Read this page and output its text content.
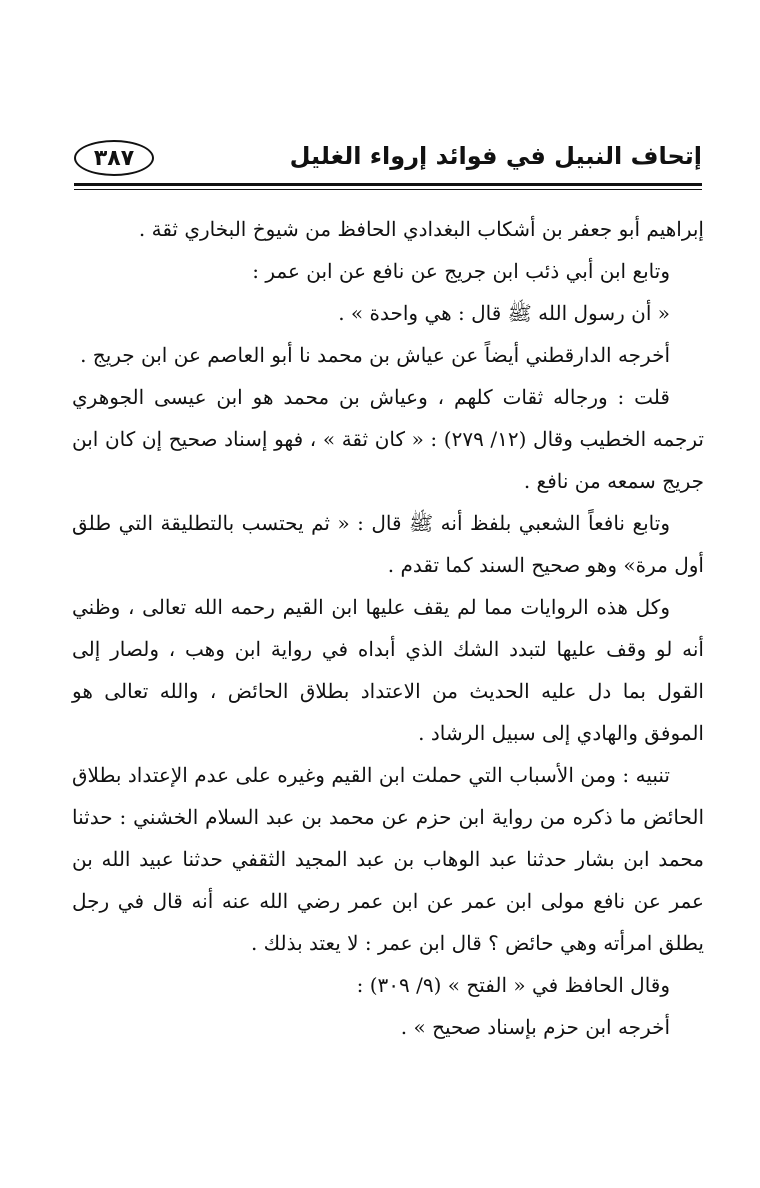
٣٨٧	إتحاف النبيل في فوائد إرواء الغليل

إبراهيم أبو جعفر بن أشكاب البغدادي الحافظ من شيوخ البخاري ثقة .

وتابع ابن أبي ذئب ابن جريج عن نافع عن ابن عمر :

« أن رسول الله ﷺ قال : هي واحدة » .

أخرجه الدارقطني أيضاً عن عياش بن محمد نا أبو العاصم عن ابن جريج .

قلت : ورجاله ثقات كلهم ، وعياش بن محمد هو ابن عيسى الجوهري ترجمه الخطيب وقال (١٢/ ٢٧٩) : « كان ثقة » ، فهو إسناد صحيح إن كان ابن جريج سمعه من نافع .

وتابع نافعاً الشعبي بلفظ أنه ﷺ قال : « ثم يحتسب بالتطليقة التي طلق أول مرة» وهو صحيح السند كما تقدم .

وكل هذه الروايات مما لم يقف عليها ابن القيم رحمه الله تعالى ، وظني أنه لو وقف عليها لتبدد الشك الذي أبداه في رواية ابن وهب ، ولصار إلى القول بما دل عليه الحديث من الاعتداد بطلاق الحائض ، والله تعالى هو الموفق والهادي إلى سبيل الرشاد .

تنبيه : ومن الأسباب التي حملت ابن القيم وغيره على عدم الإعتداد بطلاق الحائض ما ذكره من رواية ابن حزم عن محمد بن عبد السلام الخشني : حدثنا محمد ابن بشار حدثنا عبد الوهاب بن عبد المجيد الثقفي حدثنا عبيد الله بن عمر عن نافع مولى ابن عمر عن ابن عمر رضي الله عنه أنه قال في رجل يطلق امرأته وهي حائض ؟ قال ابن عمر : لا يعتد بذلك .

وقال الحافظ في « الفتح » (٩/ ٣٠٩) :

أخرجه ابن حزم بإسناد صحيح » .
